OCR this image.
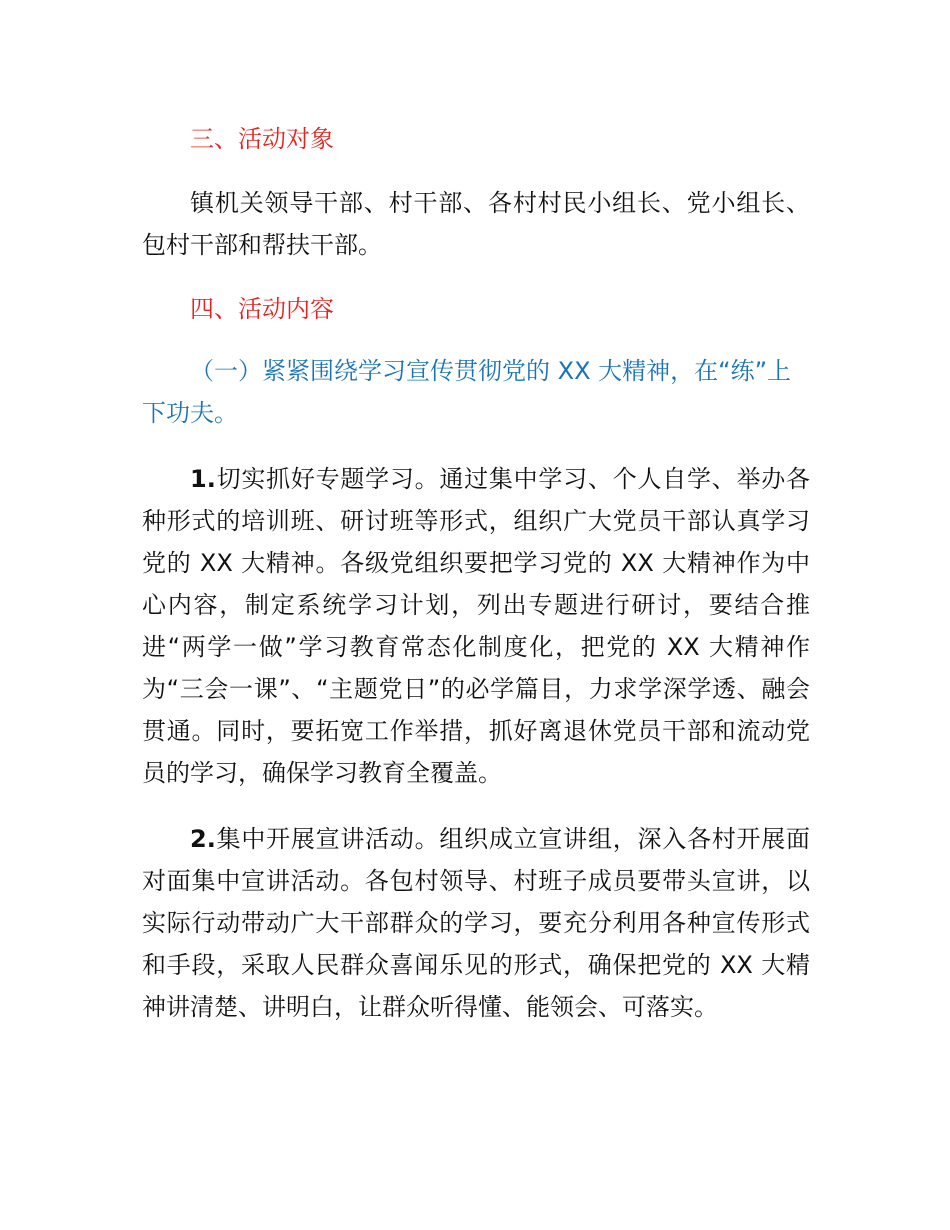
三、活动对象

镇机关领导干部、村干部、各村村民小组长、党小组长、包村干部和帮扶干部。

四、活动内容

（一）紧紧围绕学习宣传贯彻党的 XX 大精神，在“练”上下功夫。

1.切实抓好专题学习。通过集中学习、个人自学、举办各种形式的培训班、研讨班等形式，组织广大党员干部认真学习党的 XX 大精神。各级党组织要把学习党的 XX 大精神作为中心内容，制定系统学习计划，列出专题进行研讨，要结合推进“两学一做”学习教育常态化制度化，把党的 XX 大精神作为“三会一课”、“主题党日”的必学篇目，力求学深学透、融会贯通。同时，要拓宽工作举措，抓好离退休党员干部和流动党员的学习，确保学习教育全覆盖。

2.集中开展宣讲活动。组织成立宣讲组，深入各村开展面对面集中宣讲活动。各包村领导、村班子成员要带头宣讲，以实际行动带动广大干部群众的学习，要充分利用各种宣传形式和手段，采取人民群众喜闻乐见的形式，确保把党的 XX 大精神讲清楚、讲明白，让群众听得懂、能领会、可落实。
